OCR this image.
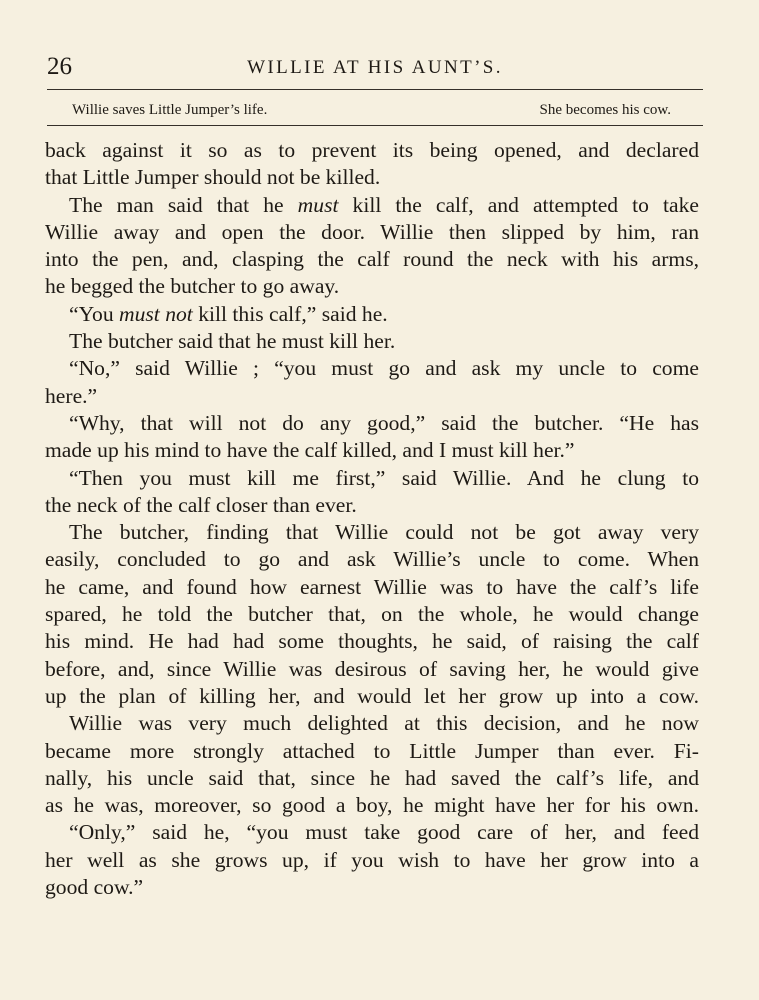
26	WILLIE AT HIS AUNT’S.
Willie saves Little Jumper’s life.	She becomes his cow.
back against it so as to prevent its being opened, and declared
that Little Jumper should not be killed.
The man said that he must kill the calf, and attempted to take
Willie away and open the door. Willie then slipped by him, ran
into the pen, and, clasping the calf round the neck with his arms,
he begged the butcher to go away.
“You must not kill this calf,” said he.
The butcher said that he must kill her.
“No,” said Willie ; “you must go and ask my uncle to come
here.”
“Why, that will not do any good,” said the butcher. “He has
made up his mind to have the calf killed, and I must kill her.”
“Then you must kill me first,” said Willie. And he clung to
the neck of the calf closer than ever.
The butcher, finding that Willie could not be got away very
easily, concluded to go and ask Willie’s uncle to come. When
he came, and found how earnest Willie was to have the calf’s life
spared, he told the butcher that, on the whole, he would change
his mind. He had had some thoughts, he said, of raising the calf
before, and, since Willie was desirous of saving her, he would give
up the plan of killing her, and would let her grow up into a cow.
Willie was very much delighted at this decision, and he now
became more strongly attached to Little Jumper than ever. Fi-
nally, his uncle said that, since he had saved the calf’s life, and
as he was, moreover, so good a boy, he might have her for his own.
“Only,” said he, “you must take good care of her, and feed
her well as she grows up, if you wish to have her grow into a
good cow.”
